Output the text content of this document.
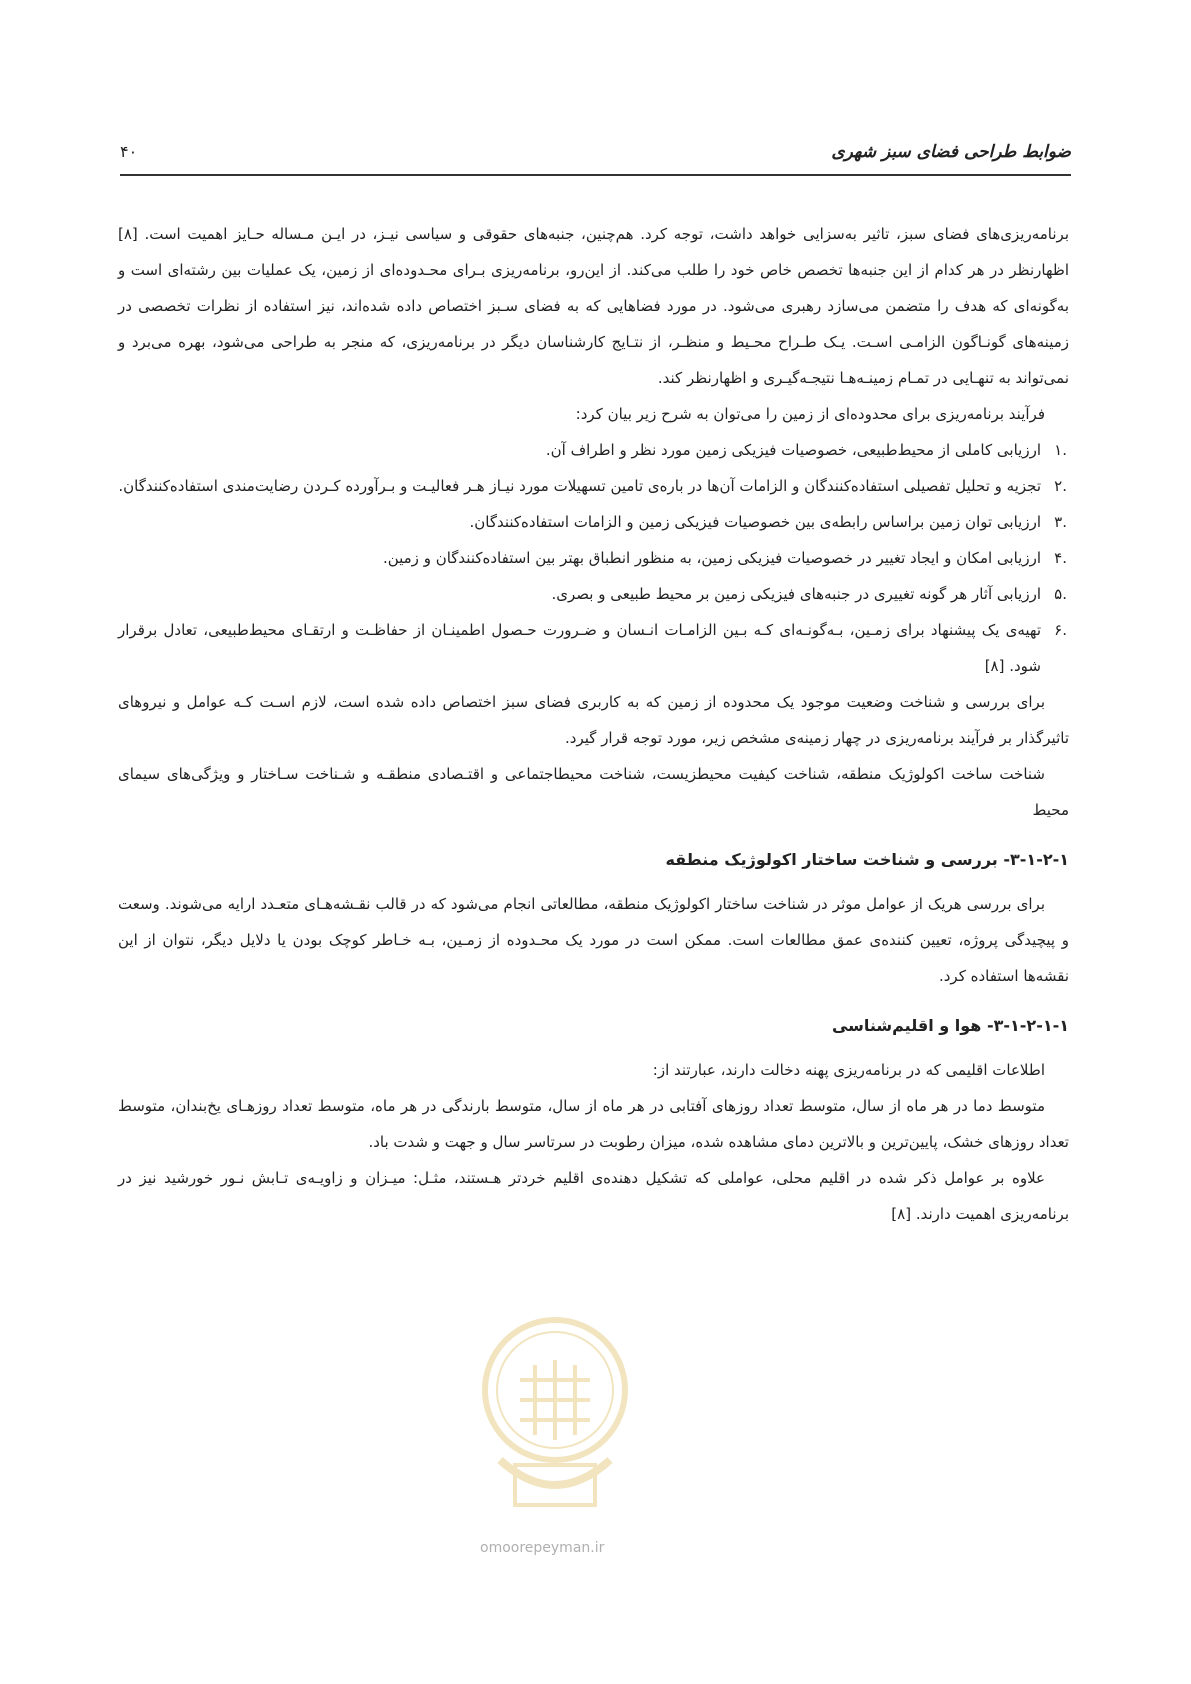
ضوابط طراحی فضای سبز شهری
۴۰

برنامه‌ریزی‌های فضای سبز، تاثیر به‌سزایی خواهد داشت، توجه کرد. هم‌چنین، جنبه‌های حقوقی و سیاسی نیـز، در ایـن مـساله حـایز اهمیت است. [۸] اظهارنظر در هر کدام از این جنبه‌ها تخصص خاص خود را طلب می‌کند. از این‌رو، برنامه‌ریزی بـرای محـدوده‌ای از زمین، یک عملیات بین رشته‌ای است و به‌گونه‌ای که هدف را متضمن می‌سازد رهبری می‌شود. در مورد فضاهایی که به فضای سـبز اختصاص داده شده‌اند، نیز استفاده از نظرات تخصصی در زمینه‌های گونـاگون الزامـی اسـت. یـک طـراح محـیط و منظـر، از نتـایج کارشناسان دیگر در برنامه‌ریزی، که منجر به طراحی می‌شود، بهره می‌برد و نمی‌تواند به تنهـایی در تمـام زمینـه‌هـا نتیجـه‌گیـری و اظهارنظر کند.

فرآیند برنامه‌ریزی برای محدوده‌ای از زمین را می‌توان به شرح زیر بیان کرد:

.۱
ارزیابی کاملی از محیط‌طبیعی، خصوصیات فیزیکی زمین مورد نظر و اطراف آن.
.۲
تجزیه و تحلیل تفصیلی استفاده‌کنندگان و الزامات آن‌ها در باره‌ی تامین تسهیلات مورد نیـاز هـر فعالیـت و بـرآورده کـردن رضایت‌مندی استفاده‌کنندگان.
.۳
ارزیابی توان زمین براساس رابطه‌ی بین خصوصیات فیزیکی زمین و الزامات استفاده‌کنندگان.
.۴
ارزیابی امکان و ایجاد تغییر در خصوصیات فیزیکی زمین، به منظور انطباق بهتر بین استفاده‌کنندگان و زمین.
.۵
ارزیابی آثار هر گونه تغییری در جنبه‌های فیزیکی زمین بر محیط طبیعی و بصری.
.۶
تهیه‌ی یک پیشنهاد برای زمـین، بـه‌گونـه‌ای کـه بـین الزامـات انـسان و ضـرورت حـصول اطمینـان از حفاظـت و ارتقـای محیط‌طبیعی، تعادل برقرار شود. [۸]

برای بررسی و شناخت وضعیت موجود یک محدوده از زمین که به کاربری فضای سبز اختصاص داده شده است، لازم اسـت کـه عوامل و نیروهای تاثیرگذار بر فرآیند برنامه‌ریزی در چهار زمینه‌ی مشخص زیر، مورد توجه قرار گیرد.

شناخت ساخت اکولوژیک منطقه، شناخت کیفیت محیطزیست، شناخت محیطاجتماعی و اقتـصادی منطقـه و شـناخت سـاختار و ویژگی‌های سیمای محیط

۳-۱-۲-۱- بررسی و شناخت ساختار اکولوژیک منطقه

برای بررسی هریک از عوامل موثر در شناخت ساختار اکولوژیک منطقه، مطالعاتی انجام می‌شود که در قالب نقـشه‌هـای متعـدد ارایه می‌شوند. وسعت و پیچیدگی پروژه، تعیین کننده‌ی عمق مطالعات است. ممکن است در مورد یک محـدوده از زمـین، بـه خـاطر کوچک بودن یا دلایل دیگر، نتوان از این نقشه‌ها استفاده کرد.

۳-۱-۲-۱-۱- هوا و اقلیم‌شناسی

اطلاعات اقلیمی که در برنامه‌ریزی پهنه دخالت دارند، عبارتند از:

متوسط دما در هر ماه از سال، متوسط تعداد روزهای آفتابی در هر ماه از سال، متوسط بارندگی در هر ماه، متوسط تعداد روزهـای یخ‌بندان، متوسط تعداد روزهای خشک، پایین‌ترین و بالاترین دمای مشاهده شده، میزان رطوبت در سرتاسر سال و جهت و شدت باد.

علاوه بر عوامل ذکر شده در اقلیم محلی، عواملی که تشکیل دهنده‌ی اقلیم خردتر هـستند، مثـل: میـزان و زاویـه‌ی تـابش نـور خورشید نیز در برنامه‌ریزی اهمیت دارند. [۸]

omoorepeyman.ir
